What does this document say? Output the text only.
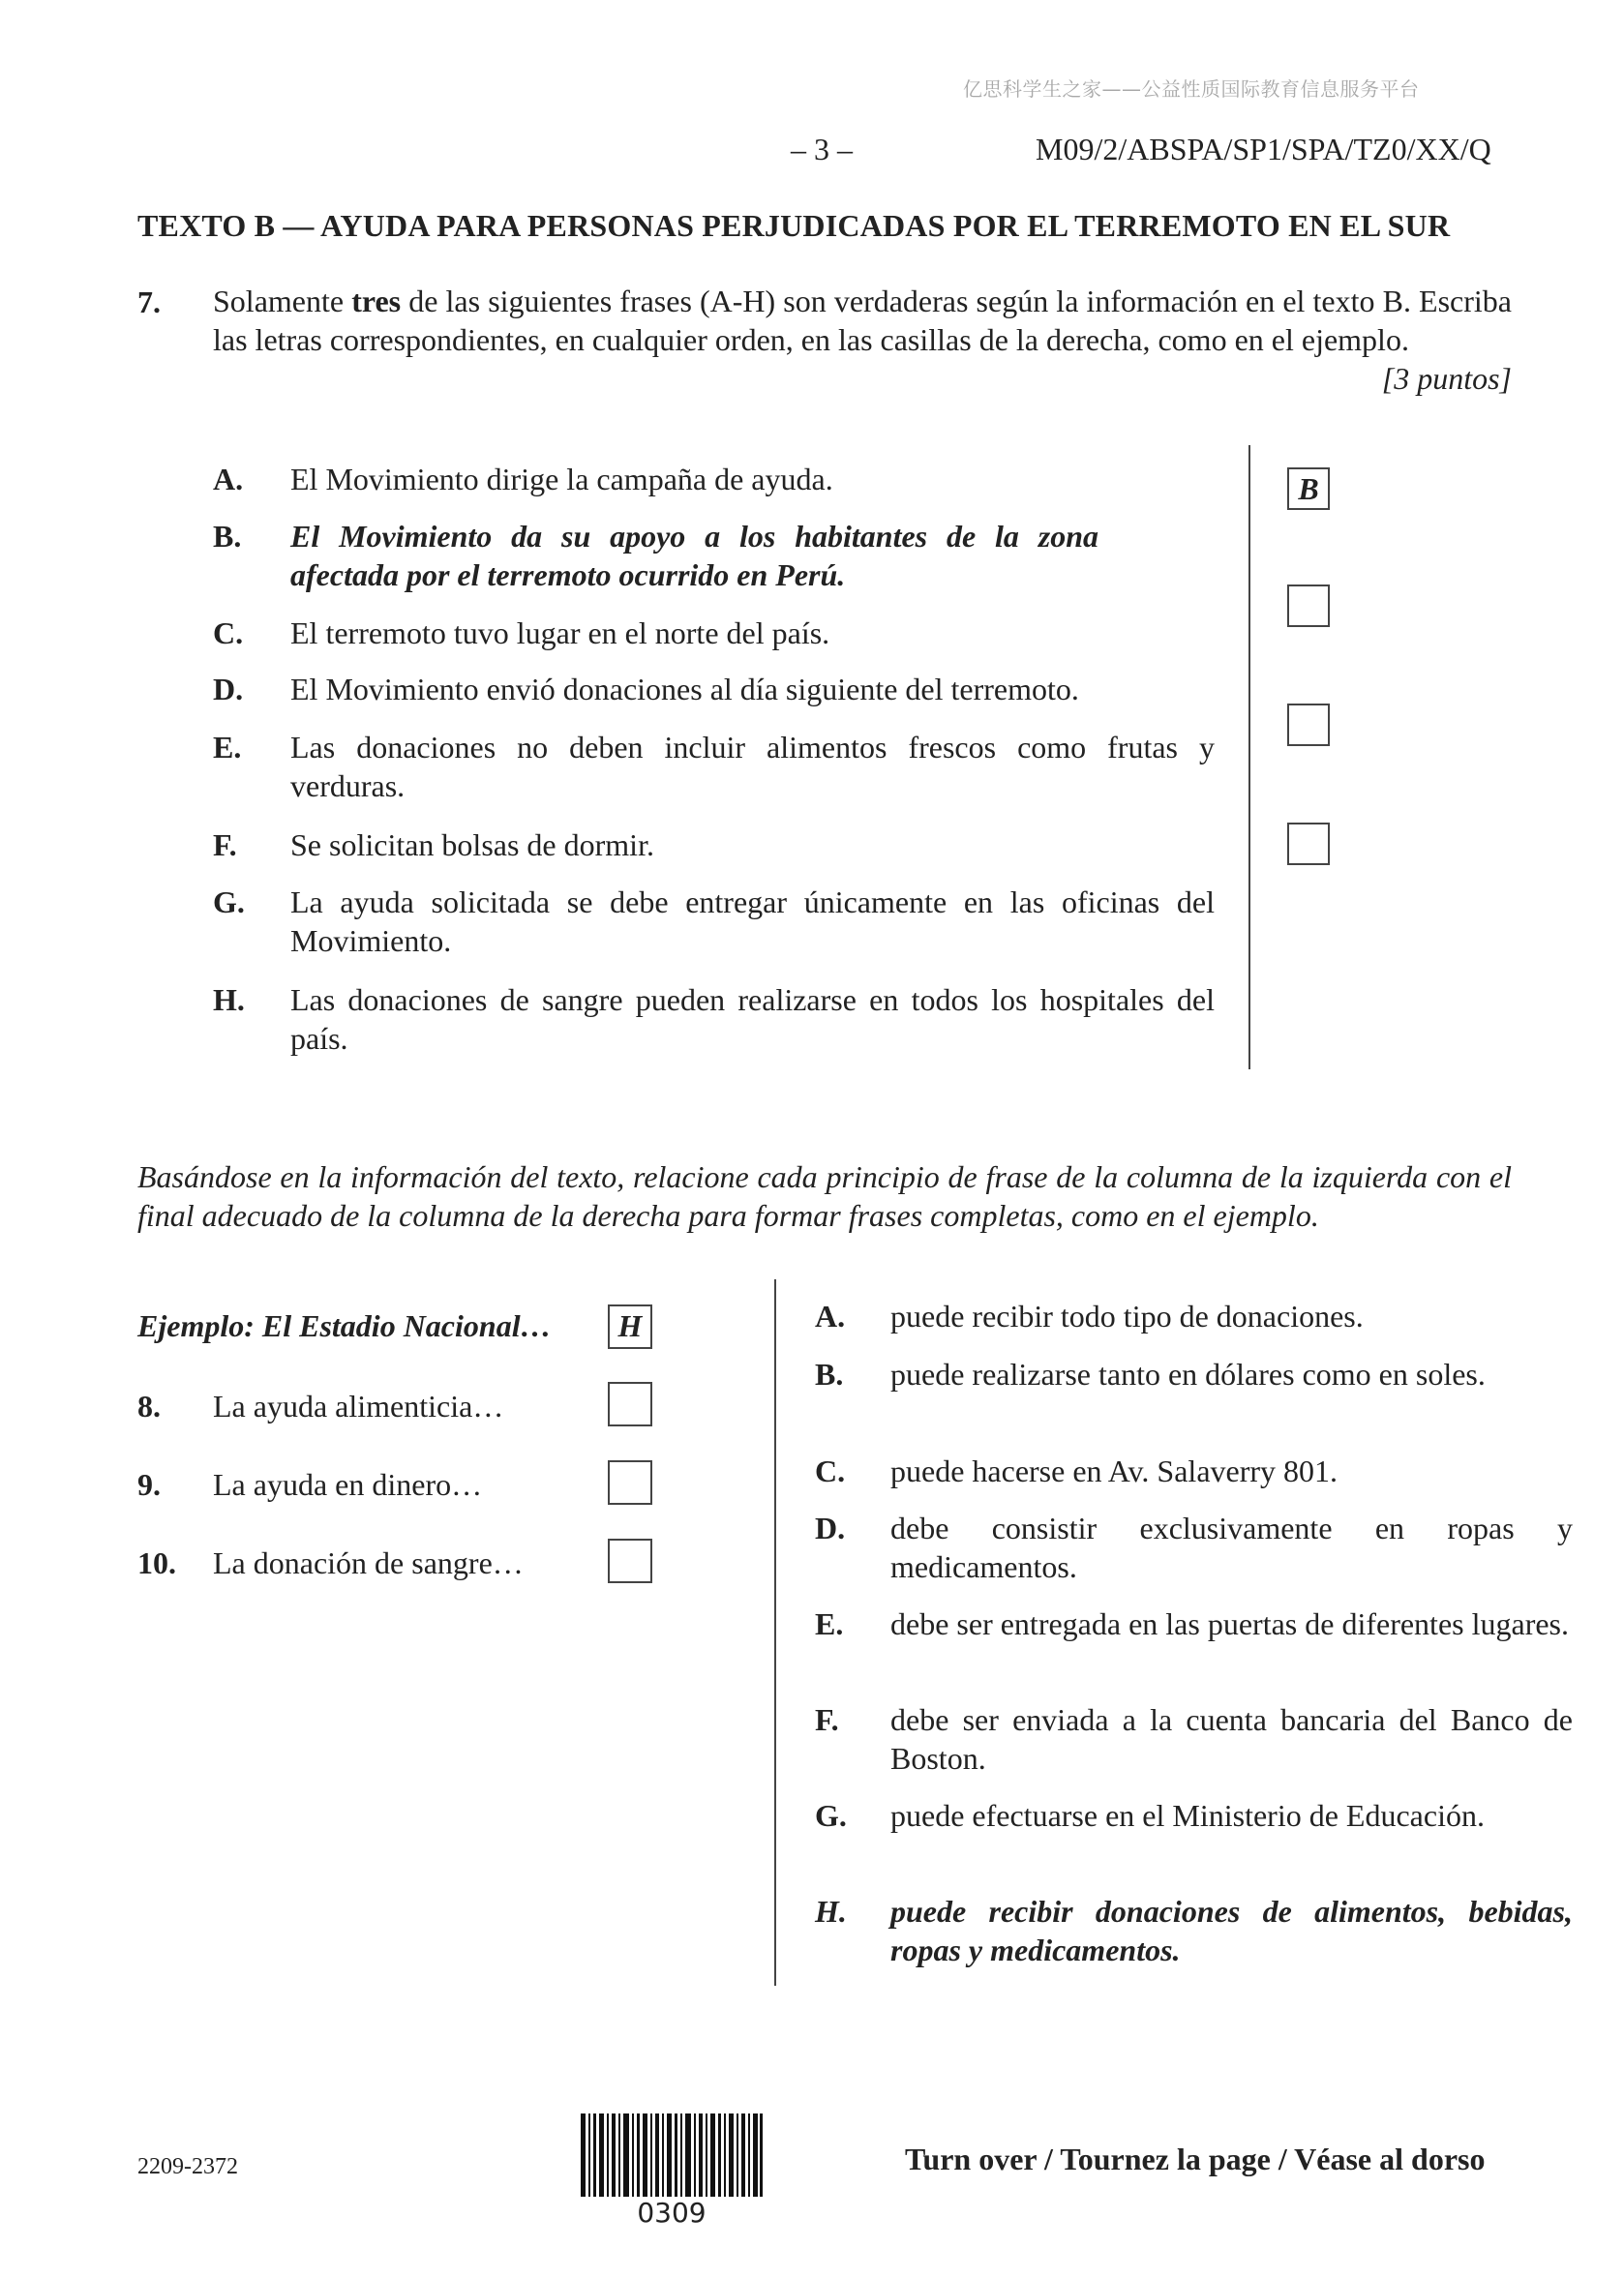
亿思科学生之家——公益性质国际教育信息服务平台
– 3 –	M09/2/ABSPA/SP1/SPA/TZ0/XX/Q
TEXTO B — AYUDA PARA PERSONAS PERJUDICADAS POR EL TERREMOTO EN EL SUR
7. Solamente tres de las siguientes frases (A-H) son verdaderas según la información en el texto B. Escriba las letras correspondientes, en cualquier orden, en las casillas de la derecha, como en el ejemplo.
[3 puntos]
A. El Movimiento dirige la campaña de ayuda.
B. El Movimiento da su apoyo a los habitantes de la zona afectada por el terremoto ocurrido en Perú.
C. El terremoto tuvo lugar en el norte del país.
D. El Movimiento envió donaciones al día siguiente del terremoto.
E. Las donaciones no deben incluir alimentos frescos como frutas y verduras.
F. Se solicitan bolsas de dormir.
G. La ayuda solicitada se debe entregar únicamente en las oficinas del Movimiento.
H. Las donaciones de sangre pueden realizarse en todos los hospitales del país.
B
Basándose en la información del texto, relacione cada principio de frase de la columna de la izquierda con el final adecuado de la columna de la derecha para formar frases completas, como en el ejemplo.
Ejemplo: El Estadio Nacional…	H
8. La ayuda alimenticia…
9. La ayuda en dinero…
10. La donación de sangre…
A. puede recibir todo tipo de donaciones.
B. puede realizarse tanto en dólares como en soles.
C. puede hacerse en Av. Salaverry 801.
D. debe consistir exclusivamente en ropas y medicamentos.
E. debe ser entregada en las puertas de diferentes lugares.
F. debe ser enviada a la cuenta bancaria del Banco de Boston.
G. puede efectuarse en el Ministerio de Educación.
H. puede recibir donaciones de alimentos, bebidas, ropas y medicamentos.
2209-2372
0309
Turn over / Tournez la page / Véase al dorso
